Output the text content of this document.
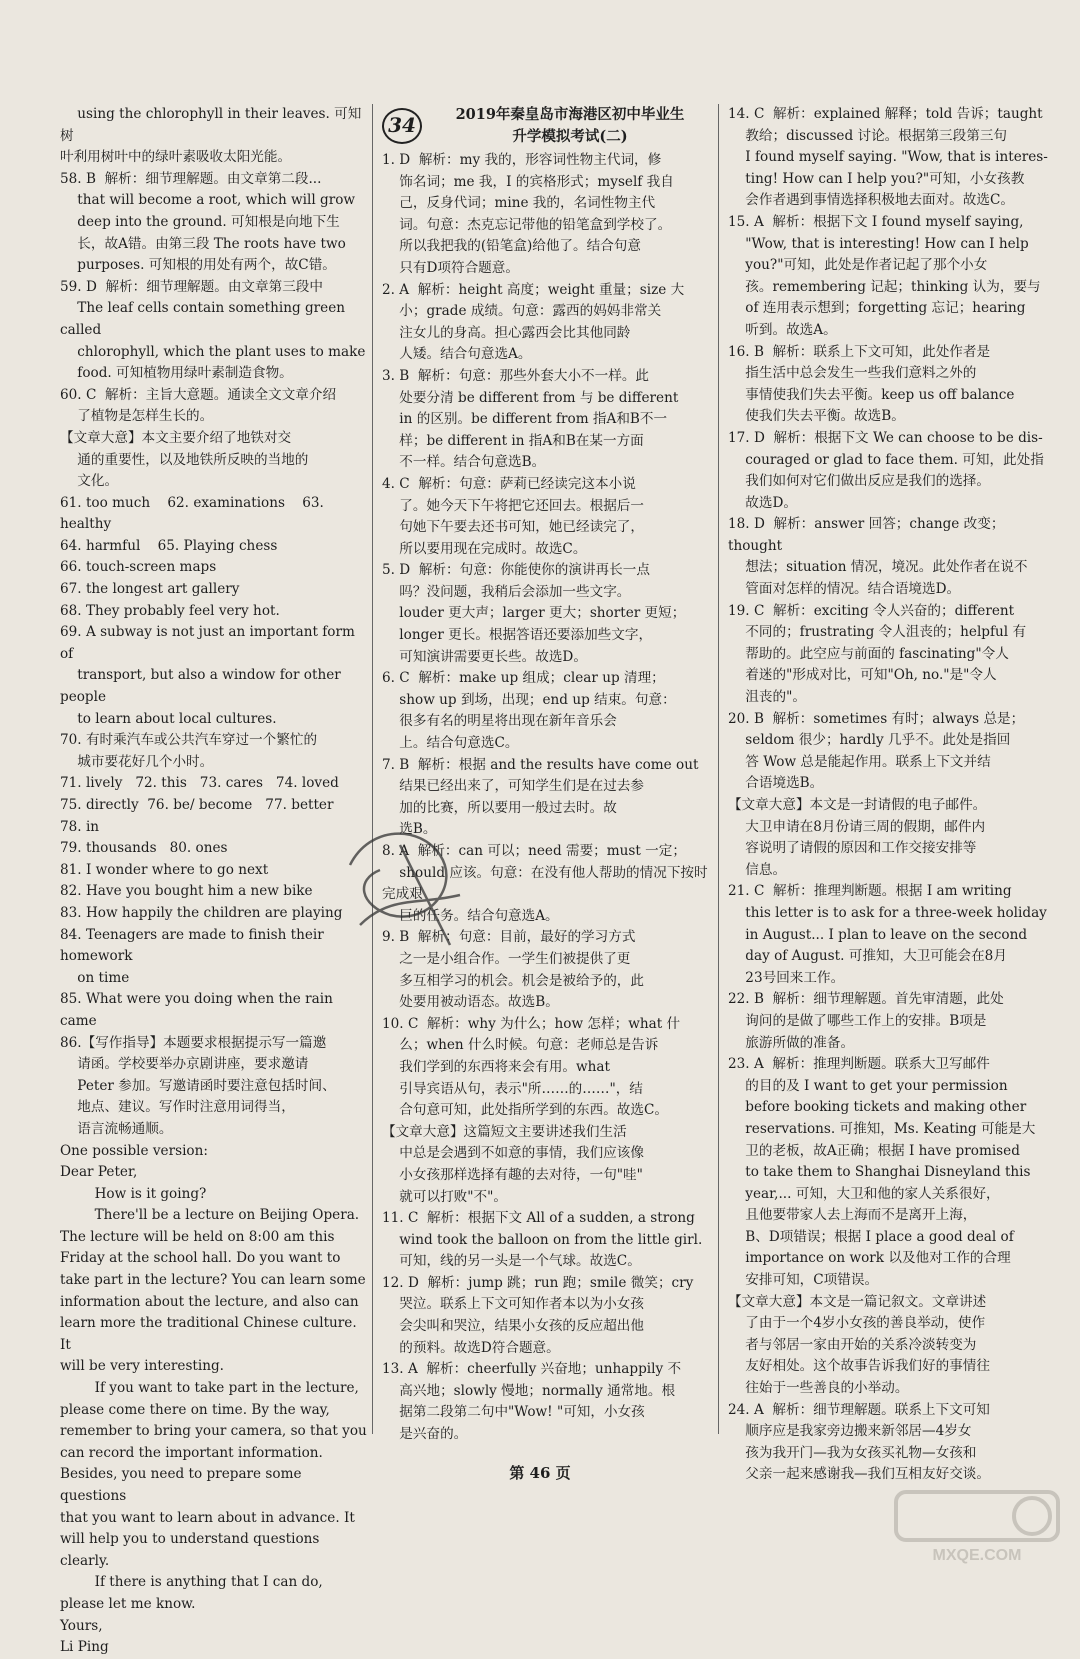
using the chlorophyll in their leaves. 可知树

叶利用树叶中的绿叶素吸收太阳光能。

58. B  解析：细节理解题。由文章第二段...

that will become a root, which will grow

deep into the ground. 可知根是向地下生

长，故A错。由第三段 The roots have two

purposes. 可知根的用处有两个，故C错。

59. D  解析：细节理解题。由文章第三段中

The leaf cells contain something green called

chlorophyll, which the plant uses to make

food. 可知植物用绿叶素制造食物。

60. C  解析：主旨大意题。通读全文文章介绍

了植物是怎样生长的。

【文章大意】本文主要介绍了地铁对交

通的重要性，以及地铁所反映的当地的

文化。

61. too much    62. examinations    63. healthy

64. harmful    65. Playing chess

66. touch-screen maps

67. the longest art gallery

68. They probably feel very hot.

69. A subway is not just an important form of

transport, but also a window for other people

to learn about local cultures.

70. 有时乘汽车或公共汽车穿过一个繁忙的

城市要花好几个小时。

71. lively   72. this   73. cares   74. loved

75. directly  76. be/ become   77. better   78. in

79. thousands   80. ones

81. I wonder where to go next

82. Have you bought him a new bike

83. How happily the children are playing

84. Teenagers are made to finish their homework

on time

85. What were you doing when the rain came

86.【写作指导】本题要求根据提示写一篇邀

请函。学校要举办京剧讲座，要求邀请

Peter 参加。写邀请函时要注意包括时间、

地点、建议。写作时注意用词得当，

语言流畅通顺。

One possible version:

Dear Peter,

How is it going?

There'll be a lecture on Beijing Opera.

The lecture will be held on 8:00 am this

Friday at the school hall. Do you want to

take part in the lecture? You can learn some

information about the lecture, and also can

learn more the traditional Chinese culture. It

will be very interesting.

If you want to take part in the lecture,

please come there on time. By the way,

remember to bring your camera, so that you

can record the important information.

Besides, you need to prepare some questions

that you want to learn about in advance. It

will help you to understand questions

clearly.

If there is anything that I can do,

please let me know.

Yours,

Li Ping

34	2019年秦皇岛市海港区初中毕业生
升学模拟考试(二)

1. D  解析：my 我的，形容词性物主代词，修

饰名词；me 我，I 的宾格形式；myself 我自

己，反身代词；mine 我的，名词性物主代

词。句意：杰克忘记带他的铅笔盒到学校了。

所以我把我的(铅笔盒)给他了。结合句意

只有D项符合题意。

2. A  解析：height 高度；weight 重量；size 大

小；grade 成绩。句意：露西的妈妈非常关

注女儿的身高。担心露西会比其他同龄

人矮。结合句意选A。

3. B  解析：句意：那些外套大小不一样。此

处要分清 be different from 与 be different

in 的区别。be different from 指A和B不一

样；be different in 指A和B在某一方面

不一样。结合句意选B。

4. C  解析：句意：萨莉已经读完这本小说

了。她今天下午将把它还回去。根据后一

句她下午要去还书可知，她已经读完了，

所以要用现在完成时。故选C。

5. D  解析：句意：你能使你的演讲再长一点

吗？没问题，我稍后会添加一些文字。

louder 更大声；larger 更大；shorter 更短；

longer 更长。根据答语还要添加些文字，

可知演讲需要更长些。故选D。

6. C  解析：make up 组成；clear up 清理；

show up 到场，出现；end up 结束。句意：

很多有名的明星将出现在新年音乐会

上。结合句意选C。

7. B  解析：根据 and the results have come out

结果已经出来了，可知学生们是在过去参

加的比赛，所以要用一般过去时。故

选B。

8. A  解析：can 可以；need 需要；must 一定；

should 应该。句意：在没有他人帮助的情况下按时完成艰

巨的任务。结合句意选A。

9. B  解析：句意：目前，最好的学习方式

之一是小组合作。一学生们被提供了更

多互相学习的机会。机会是被给予的，此

处要用被动语态。故选B。

10. C  解析：why 为什么；how 怎样；what 什

么；when 什么时候。句意：老师总是告诉

我们学到的东西将来会有用。what

引导宾语从句，表示"所……的……"，结

合句意可知，此处指所学到的东西。故选C。

【文章大意】这篇短文主要讲述我们生活

中总是会遇到不如意的事情，我们应该像

小女孩那样选择有趣的去对待，一句"哇"

就可以打败"不"。

11. C  解析：根据下文 All of a sudden, a strong

wind took the balloon on from the little girl.

可知，线的另一头是一个气球。故选C。

12. D  解析：jump 跳；run 跑；smile 微笑；cry

哭泣。联系上下文可知作者本以为小女孩

会尖叫和哭泣，结果小女孩的反应超出他

的预料。故选D符合题意。

13. A  解析：cheerfully 兴奋地；unhappily 不

高兴地；slowly 慢地；normally 通常地。根

据第二段第二句中"Wow! "可知，小女孩

是兴奋的。

14. C  解析：explained 解释；told 告诉；taught

教给；discussed 讨论。根据第三段第三句

I found myself saying. "Wow, that is interes-

ting! How can I help you?"可知，小女孩教

会作者遇到事情选择积极地去面对。故选C。

15. A  解析：根据下文 I found myself saying,

"Wow, that is interesting! How can I help

you?"可知，此处是作者记起了那个小女

孩。remembering 记起；thinking 认为，要与

of 连用表示想到；forgetting 忘记；hearing

听到。故选A。

16. B  解析：联系上下文可知，此处作者是

指生活中总会发生一些我们意料之外的

事情使我们失去平衡。keep us off balance

使我们失去平衡。故选B。

17. D  解析：根据下文 We can choose to be dis-

couraged or glad to face them. 可知，此处指

我们如何对它们做出反应是我们的选择。

故选D。

18. D  解析：answer 回答；change 改变；thought

想法；situation 情况，境况。此处作者在说不

管面对怎样的情况。结合语境选D。

19. C  解析：exciting 令人兴奋的；different

不同的；frustrating 令人沮丧的；helpful 有

帮助的。此空应与前面的 fascinating"令人

着迷的"形成对比，可知"Oh, no."是"令人

沮丧的"。

20. B  解析：sometimes 有时；always 总是；

seldom 很少；hardly 几乎不。此处是指回

答 Wow 总是能起作用。联系上下文并结

合语境选B。

【文章大意】本文是一封请假的电子邮件。

大卫申请在8月份请三周的假期，邮件内

容说明了请假的原因和工作交接安排等

信息。

21. C  解析：推理判断题。根据 I am writing

this letter is to ask for a three-week holiday

in August... I plan to leave on the second

day of August. 可推知，大卫可能会在8月

23号回来工作。

22. B  解析：细节理解题。首先审清题，此处

询问的是做了哪些工作上的安排。B项是

旅游所做的准备。

23. A  解析：推理判断题。联系大卫写邮件

的目的及 I want to get your permission

before booking tickets and making other

reservations. 可推知，Ms. Keating 可能是大

卫的老板，故A正确；根据 I have promised

to take them to Shanghai Disneyland this

year,... 可知，大卫和他的家人关系很好，

且他要带家人去上海而不是离开上海，

B、D项错误；根据 I place a good deal of

importance on work 以及他对工作的合理

安排可知，C项错误。

【文章大意】本文是一篇记叙文。文章讲述

了由于一个4岁小女孩的善良举动，使作

者与邻居一家由开始的关系冷淡转变为

友好相处。这个故事告诉我们好的事情往

往始于一些善良的小举动。

24. A  解析：细节理解题。联系上下文可知

顺序应是我家旁边搬来新邻居—4岁女

孩为我开门—我为女孩买礼物—女孩和

父亲一起来感谢我—我们互相友好交谈。

第 46 页
MXQE.COM
